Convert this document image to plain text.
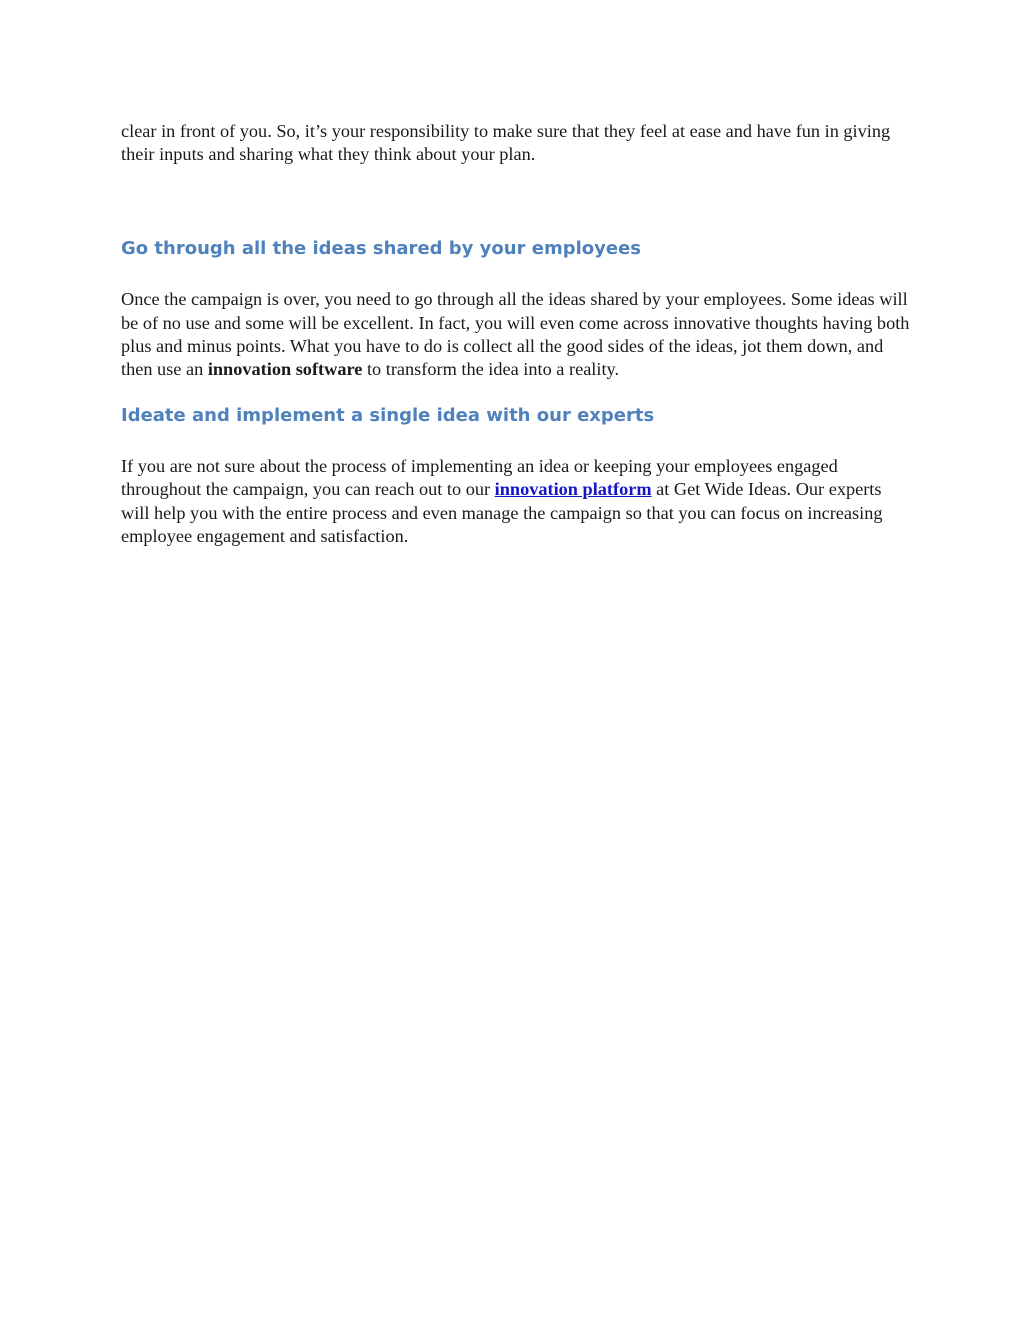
clear in front of you. So, it’s your responsibility to make sure that they feel at ease and have fun in giving their inputs and sharing what they think about your plan.

Go through all the ideas shared by your employees

Once the campaign is over, you need to go through all the ideas shared by your employees. Some ideas will be of no use and some will be excellent. In fact, you will even come across innovative thoughts having both plus and minus points. What you have to do is collect all the good sides of the ideas, jot them down, and then use an innovation software to transform the idea into a reality.

Ideate and implement a single idea with our experts

If you are not sure about the process of implementing an idea or keeping your employees engaged throughout the campaign, you can reach out to our innovation platform at Get Wide Ideas. Our experts will help you with the entire process and even manage the campaign so that you can focus on increasing employee engagement and satisfaction.
